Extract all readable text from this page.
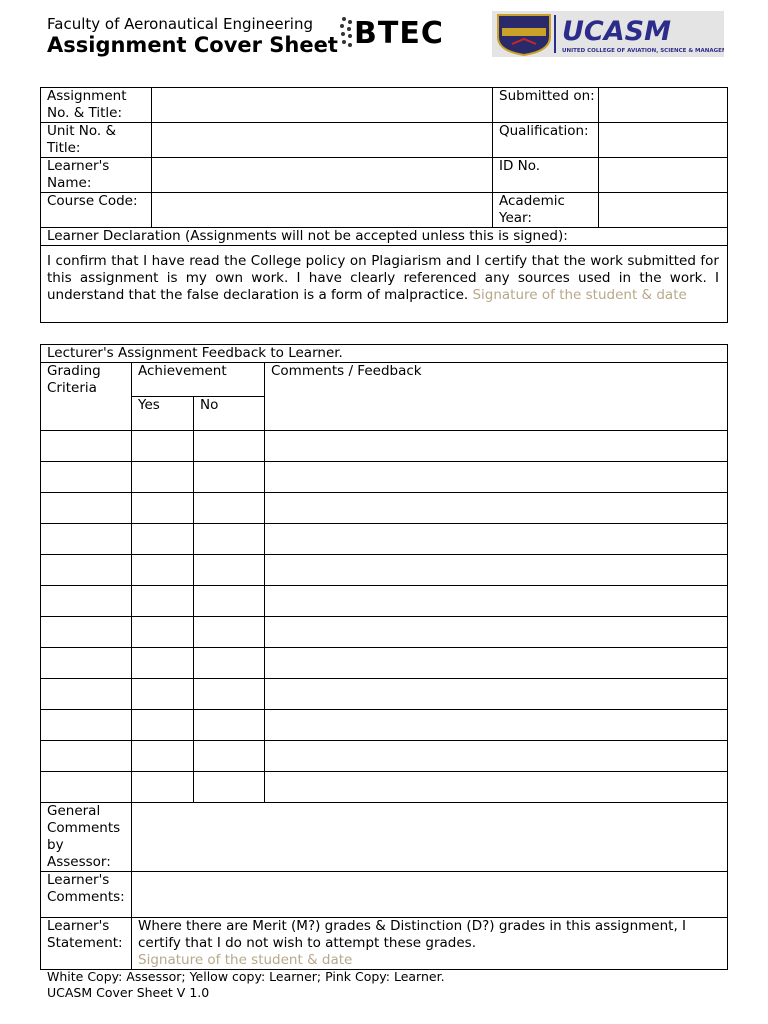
Faculty of Aeronautical Engineering
Assignment Cover Sheet BTEC	UCASM
UNITED COLLEGE OF AVIATION, SCIENCE & MANAGEMENT
Assignment No. & Title:		Submitted on:	
Unit No. & Title:		Qualification:	
Learner's Name:		ID No.	
Course Code:		Academic Year:	
Learner Declaration (Assignments will not be accepted unless this is signed):			

I confirm that I have read the College policy on Plagiarism and I certify that the work submitted for this assignment is my own work. I have clearly referenced any sources used in the work. I understand that the false declaration is a form of malpractice. Signature of the student & date			
Lecturer's Assignment Feedback to Learner.			
Grading Criteria	Achievement		Comments / Feedback
	Yes	No	

General Comments by Assessor:			
Learner's Comments:			
Learner's Statement:	Where there are Merit (M?) grades & Distinction (D?) grades in this assignment, I certify that I do not wish to attempt these grades.
Signature of the student & date		
White Copy: Assessor; Yellow copy: Learner; Pink Copy: Learner.
UCASM Cover Sheet V 1.0
